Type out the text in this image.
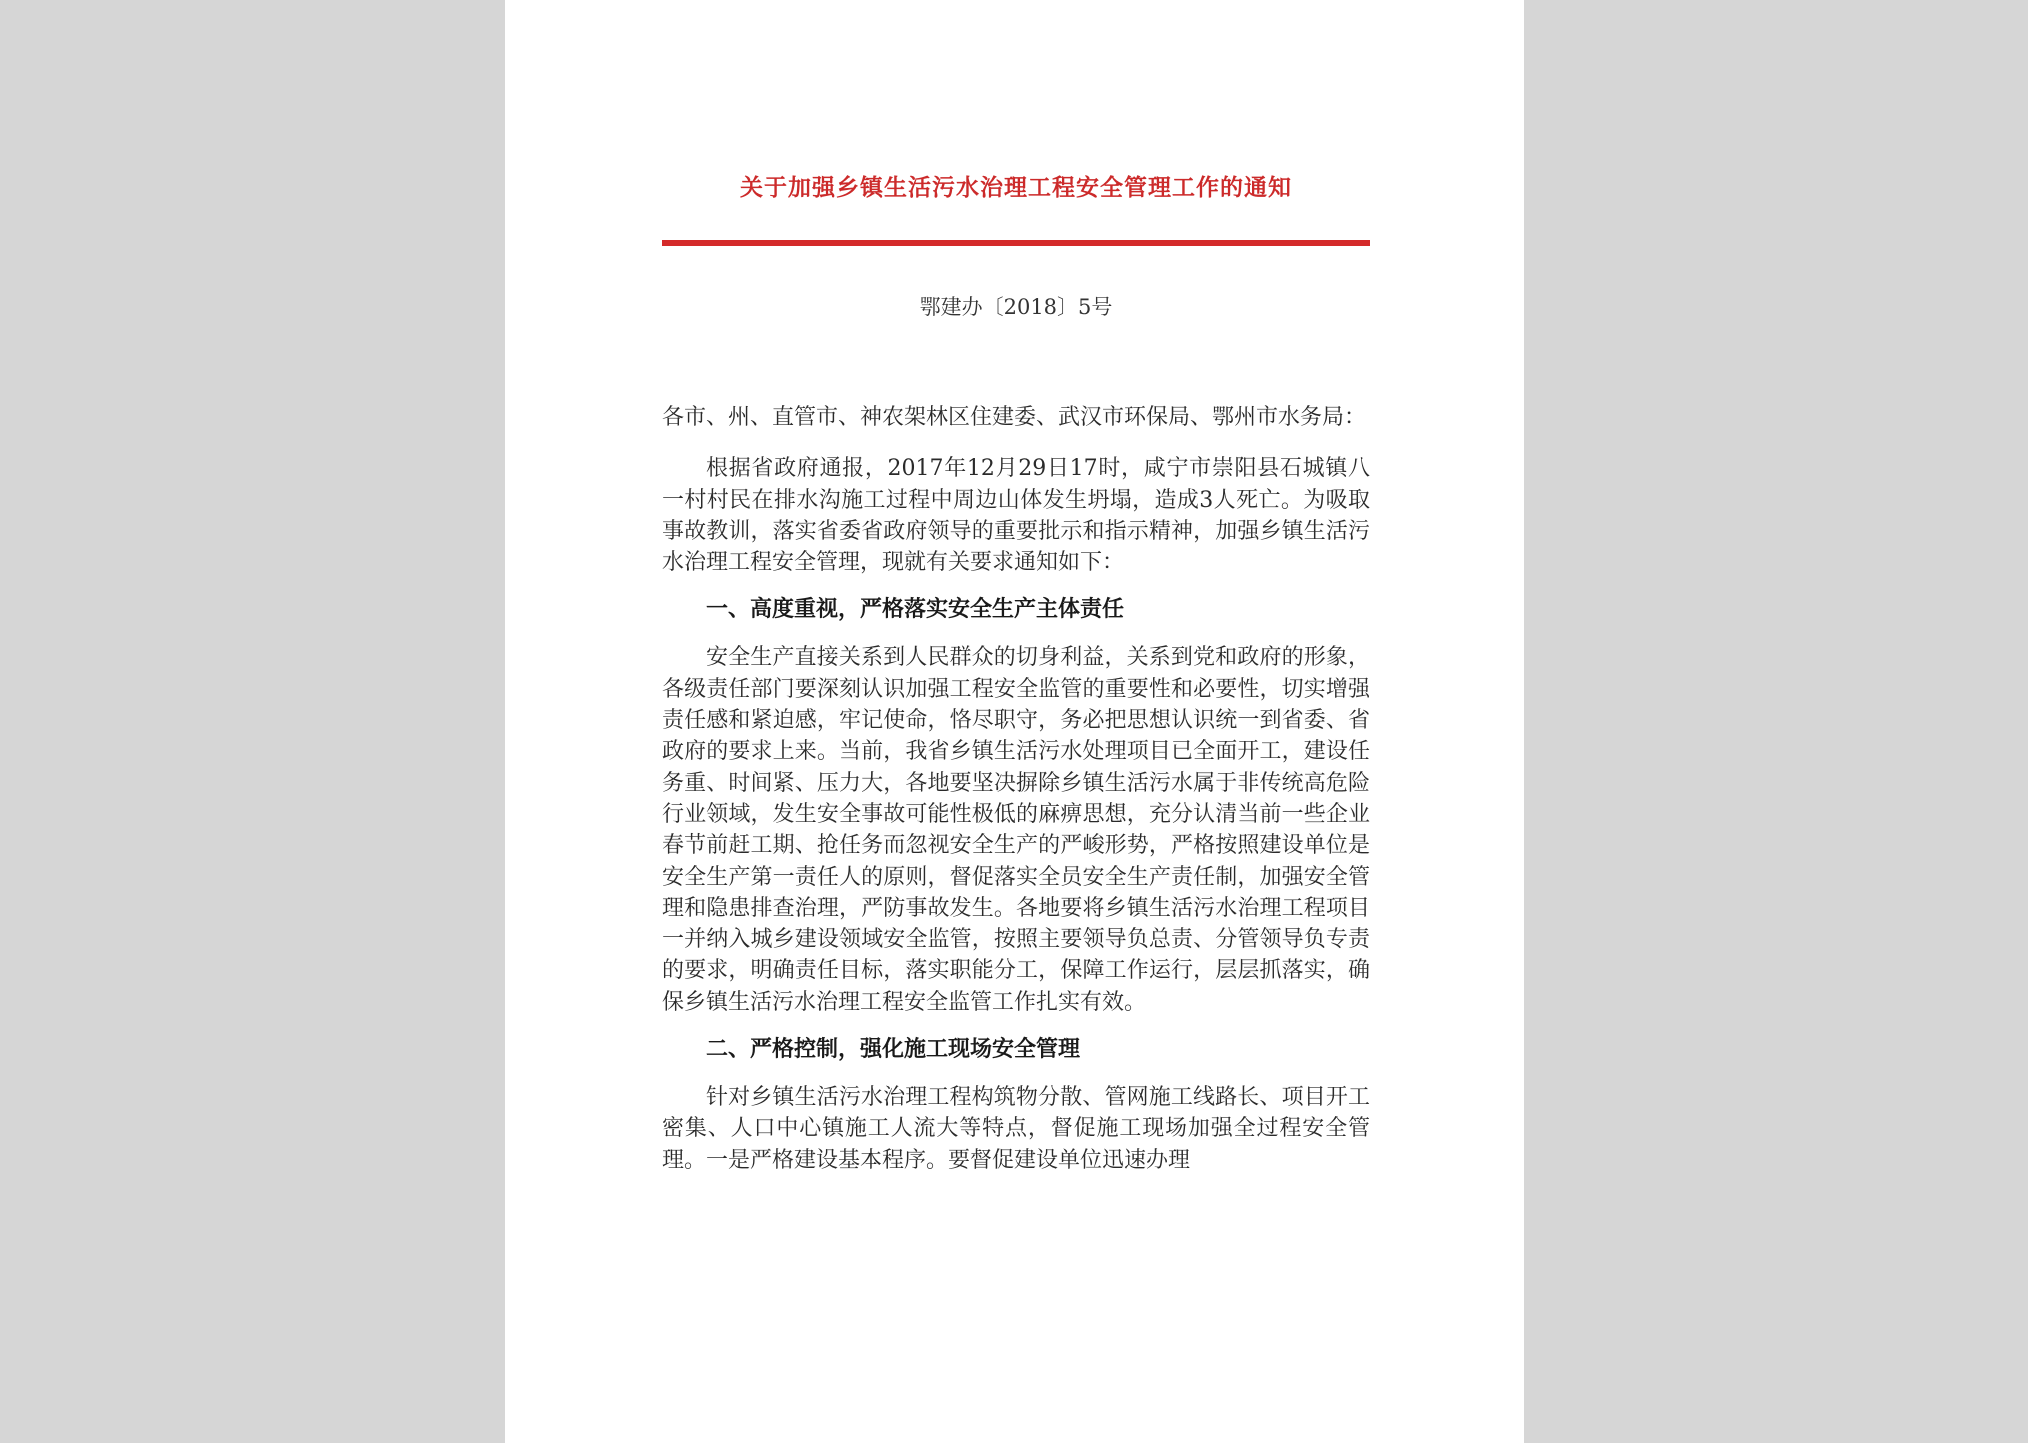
关于加强乡镇生活污水治理工程安全管理工作的通知
鄂建办〔2018〕5号

各市、州、直管市、神农架林区住建委、武汉市环保局、鄂州市水务局：

根据省政府通报，2017年12月29日17时，咸宁市崇阳县石城镇八一村村民在排水沟施工过程中周边山体发生坍塌，造成3人死亡。为吸取事故教训，落实省委省政府领导的重要批示和指示精神，加强乡镇生活污水治理工程安全管理，现就有关要求通知如下：

一、高度重视，严格落实安全生产主体责任

安全生产直接关系到人民群众的切身利益，关系到党和政府的形象，各级责任部门要深刻认识加强工程安全监管的重要性和必要性，切实增强责任感和紧迫感，牢记使命，恪尽职守，务必把思想认识统一到省委、省政府的要求上来。当前，我省乡镇生活污水处理项目已全面开工，建设任务重、时间紧、压力大，各地要坚决摒除乡镇生活污水属于非传统高危险行业领域，发生安全事故可能性极低的麻痹思想，充分认清当前一些企业春节前赶工期、抢任务而忽视安全生产的严峻形势，严格按照建设单位是安全生产第一责任人的原则，督促落实全员安全生产责任制，加强安全管理和隐患排查治理，严防事故发生。各地要将乡镇生活污水治理工程项目一并纳入城乡建设领域安全监管，按照主要领导负总责、分管领导负专责的要求，明确责任目标，落实职能分工，保障工作运行，层层抓落实，确保乡镇生活污水治理工程安全监管工作扎实有效。

二、严格控制，强化施工现场安全管理

针对乡镇生活污水治理工程构筑物分散、管网施工线路长、项目开工密集、人口中心镇施工人流大等特点，督促施工现场加强全过程安全管理。一是严格建设基本程序。要督促建设单位迅速办理
